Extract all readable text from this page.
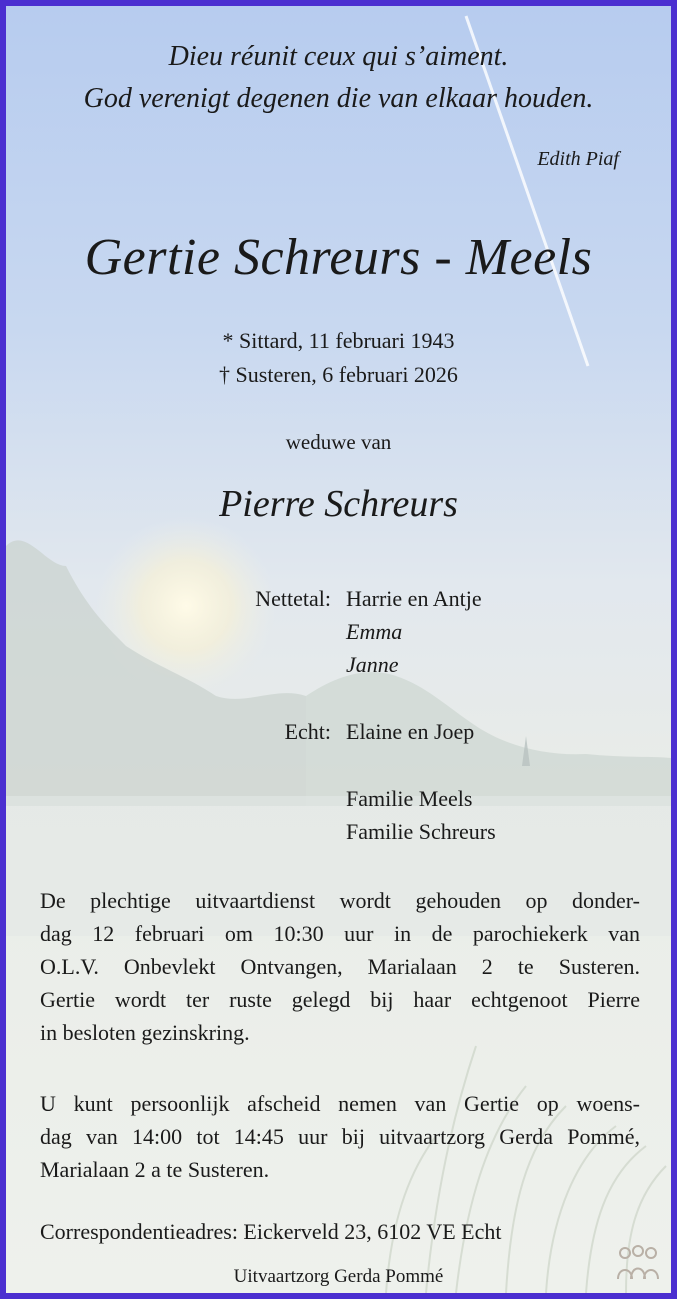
Dieu réunit ceux qui s’aiment.
God verenigt degenen die van elkaar houden.
Edith Piaf
Gertie Schreurs - Meels
* Sittard, 11 februari 1943
† Susteren, 6 februari 2026
weduwe van
Pierre Schreurs
Nettetal: Harrie en Antje
Emma
Janne
Echt: Elaine en Joep
Familie Meels
Familie Schreurs
De plechtige uitvaartdienst wordt gehouden op donder-
dag 12 februari om 10:30 uur in de parochiekerk van
O.L.V. Onbevlekt Ontvangen, Marialaan 2 te Susteren.
Gertie wordt ter ruste gelegd bij haar echtgenoot Pierre
in besloten gezinskring.
U kunt persoonlijk afscheid nemen van Gertie op woens-
dag van 14:00 tot 14:45 uur bij uitvaartzorg Gerda Pommé,
Marialaan 2 a te Susteren.
Correspondentieadres: Eickerveld 23, 6102 VE Echt
Uitvaartzorg Gerda Pommé
